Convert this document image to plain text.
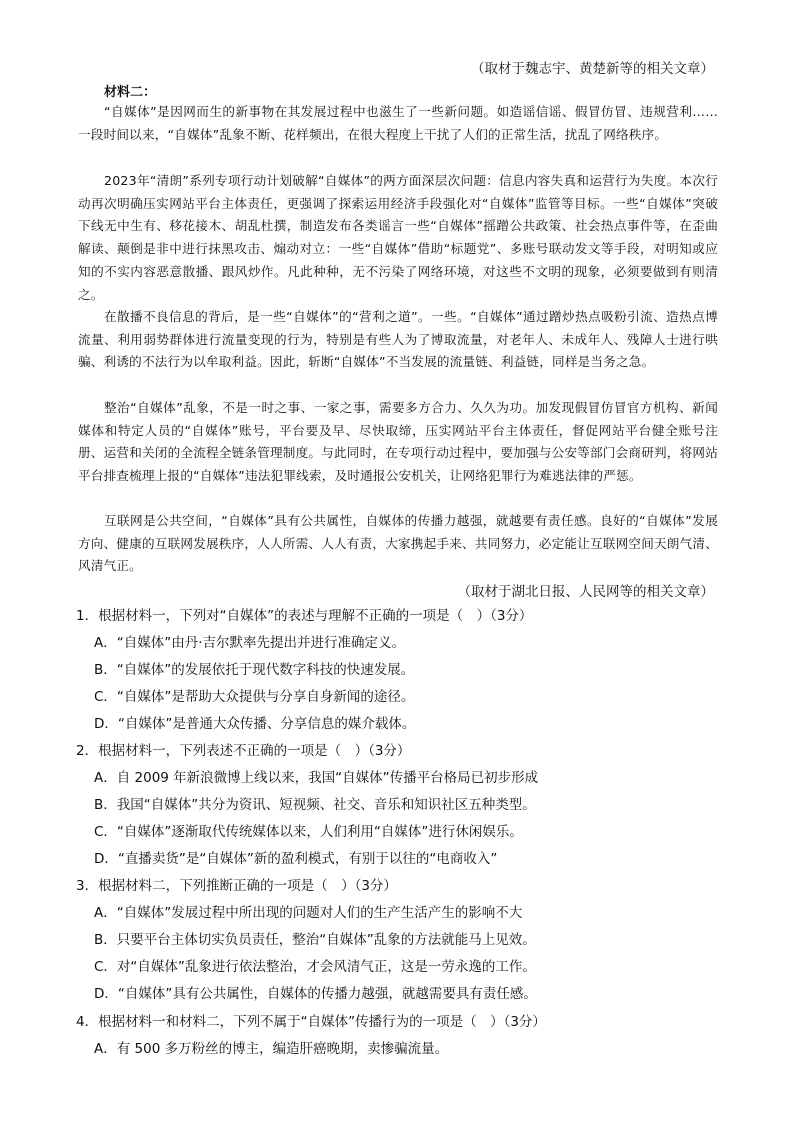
（取材于魏志宇、黄楚新等的相关文章）
材料二：
“自媒体”是因网而生的新事物在其发展过程中也滋生了一些新问题。如造谣信谣、假冒仿冒、违规营利……一段时间以来，“自媒体”乱象不断、花样频出，在很大程度上干扰了人们的正常生活，扰乱了网络秩序。
2023年“清朗”系列专项行动计划破解“自媒体”的两方面深层次问题：信息内容失真和运营行为失度。本次行动再次明确压实网站平台主体责任，更强调了探索运用经济手段强化对“自媒体”监管等目标。一些“自媒体”突破下线无中生有、移花接木、胡乱杜撰，制造发布各类谣言一些“自媒体”摇蹭公共政策、社会热点事件等，在歪曲解读、颠倒是非中进行抹黑攻击、煽动对立：一些“自媒体”借助“标题党”、多账号联动发文等手段，对明知或应知的不实内容恶意散播、跟风炒作。凡此种种，无不污染了网络环境，对这些不文明的现象，必须要做到有则清之。
在散播不良信息的背后，是一些“自媒体”的“营利之道”。一些。“自媒体”通过蹭炒热点吸粉引流、造热点博流量、利用弱势群体进行流量变现的行为，特别是有些人为了博取流量，对老年人、未成年人、残障人士进行哄骗、利诱的不法行为以牟取利益。因此，斩断“自媒体”不当发展的流量链、利益链，同样是当务之急。
整治“自媒体”乱象，不是一时之事、一家之事，需要多方合力、久久为功。加发现假冒仿冒官方机构、新闻媒体和特定人员的“自媒体”账号，平台要及早、尽快取缔，压实网站平台主体责任，督促网站平台健全账号注册、运营和关闭的全流程全链条管理制度。与此同时，在专项行动过程中，要加强与公安等部门会商研判，将网站平台排查梳理上报的“自媒体”违法犯罪线索，及时通报公安机关，让网络犯罪行为难逃法律的严惩。
互联网是公共空间，“自媒体”具有公共属性，自媒体的传播力越强，就越要有责任感。良好的“自媒体”发展方向、健康的互联网发展秩序，人人所需、人人有责，大家携起手来、共同努力，必定能让互联网空间天朗气清、风清气正。
（取材于湖北日报、人民网等的相关文章）
1．根据材料一，下列对“自媒体”的表述与理解不正确的一项是（　）（3分）
A．“自媒体”由丹·吉尔默率先提出并进行准确定义。
B．“自媒体”的发展依托于现代数字科技的快速发展。
C．“自媒体”是帮助大众提供与分享自身新闻的途径。
D．“自媒体”是普通大众传播、分享信息的媒介载体。
2．根据材料一，下列表述不正确的一项是（　）（3分）
A．自 2009 年新浪微博上线以来，我国“自媒体”传播平台格局已初步形成
B．我国“自媒体”共分为资讯、短视频、社交、音乐和知识社区五种类型。
C．“自媒体”逐渐取代传统媒体以来，人们利用“自媒体”进行休闲娱乐。
D．“直播卖货”是“自媒体”新的盈利模式，有别于以往的“电商收入”
3．根据材料二，下列推断正确的一项是（　）（3分）
A．“自媒体”发展过程中所出现的问题对人们的生产生活产生的影响不大
B．只要平台主体切实负员责任，整治“自媒体”乱象的方法就能马上见效。
C．对“自媒体”乱象进行依法整治，才会风清气正，这是一劳永逸的工作。
D．“自媒体”具有公共属性，自媒体的传播力越强，就越需要具有责任感。
4．根据材料一和材料二，下列不属于“自媒体”传播行为的一项是（　）（3分）
A．有 500 多万粉丝的博主，编造肝癌晚期，卖惨骗流量。
